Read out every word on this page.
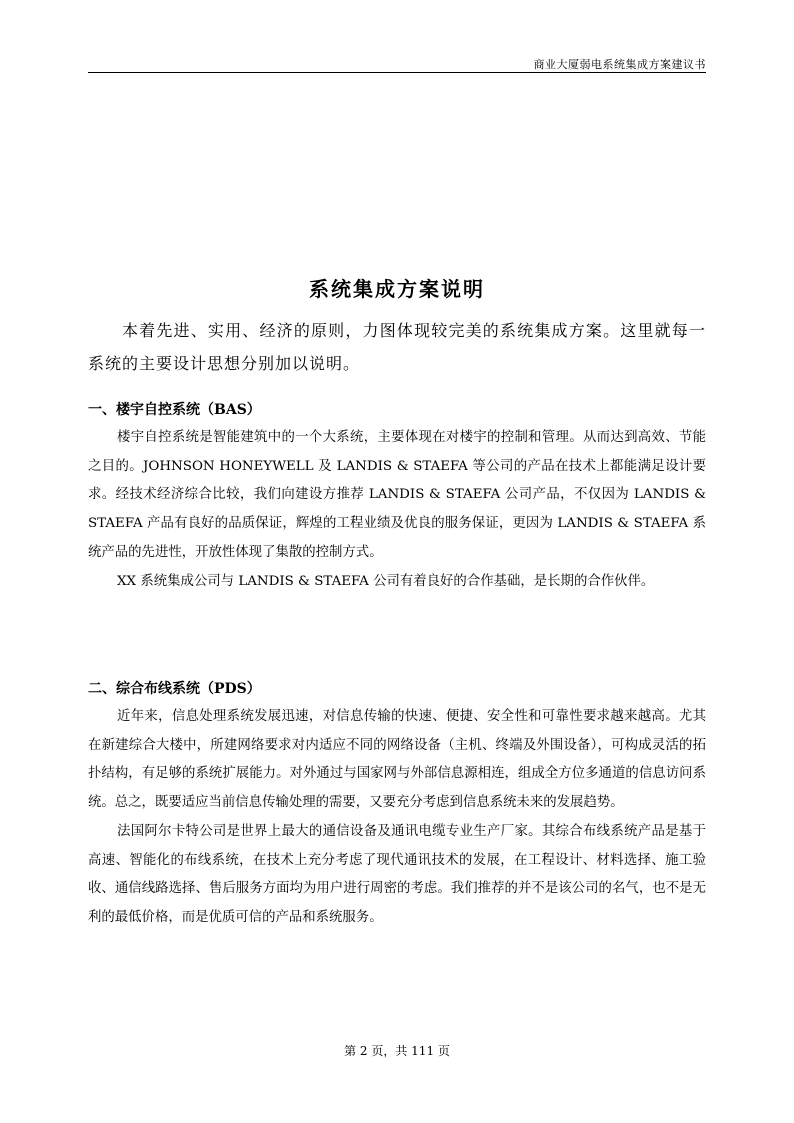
商业大厦弱电系统集成方案建议书
系统集成方案说明

本着先进、实用、经济的原则，力图体现较完美的系统集成方案。这里就每一系统的主要设计思想分别加以说明。

一、楼宇自控系统（BAS）

楼宇自控系统是智能建筑中的一个大系统，主要体现在对楼宇的控制和管理。从而达到高效、节能之目的。JOHNSON HONEYWELL 及 LANDIS & STAEFA 等公司的产品在技术上都能满足设计要求。经技术经济综合比较，我们向建设方推荐 LANDIS & STAEFA 公司产品，不仅因为 LANDIS & STAEFA 产品有良好的品质保证，辉煌的工程业绩及优良的服务保证，更因为 LANDIS & STAEFA 系统产品的先进性，开放性体现了集散的控制方式。

XX 系统集成公司与 LANDIS & STAEFA 公司有着良好的合作基础，是长期的合作伙伴。

二、综合布线系统（PDS）

近年来，信息处理系统发展迅速，对信息传输的快速、便捷、安全性和可靠性要求越来越高。尤其在新建综合大楼中，所建网络要求对内适应不同的网络设备（主机、终端及外围设备），可构成灵活的拓扑结构，有足够的系统扩展能力。对外通过与国家网与外部信息源相连，组成全方位多通道的信息访问系统。总之，既要适应当前信息传输处理的需要，又要充分考虑到信息系统未来的发展趋势。

法国阿尔卡特公司是世界上最大的通信设备及通讯电缆专业生产厂家。其综合布线系统产品是基于高速、智能化的布线系统，在技术上充分考虑了现代通讯技术的发展，在工程设计、材料选择、施工验收、通信线路选择、售后服务方面均为用户进行周密的考虑。我们推荐的并不是该公司的名气，也不是无利的最低价格，而是优质可信的产品和系统服务。

第 2 页，共 111 页
